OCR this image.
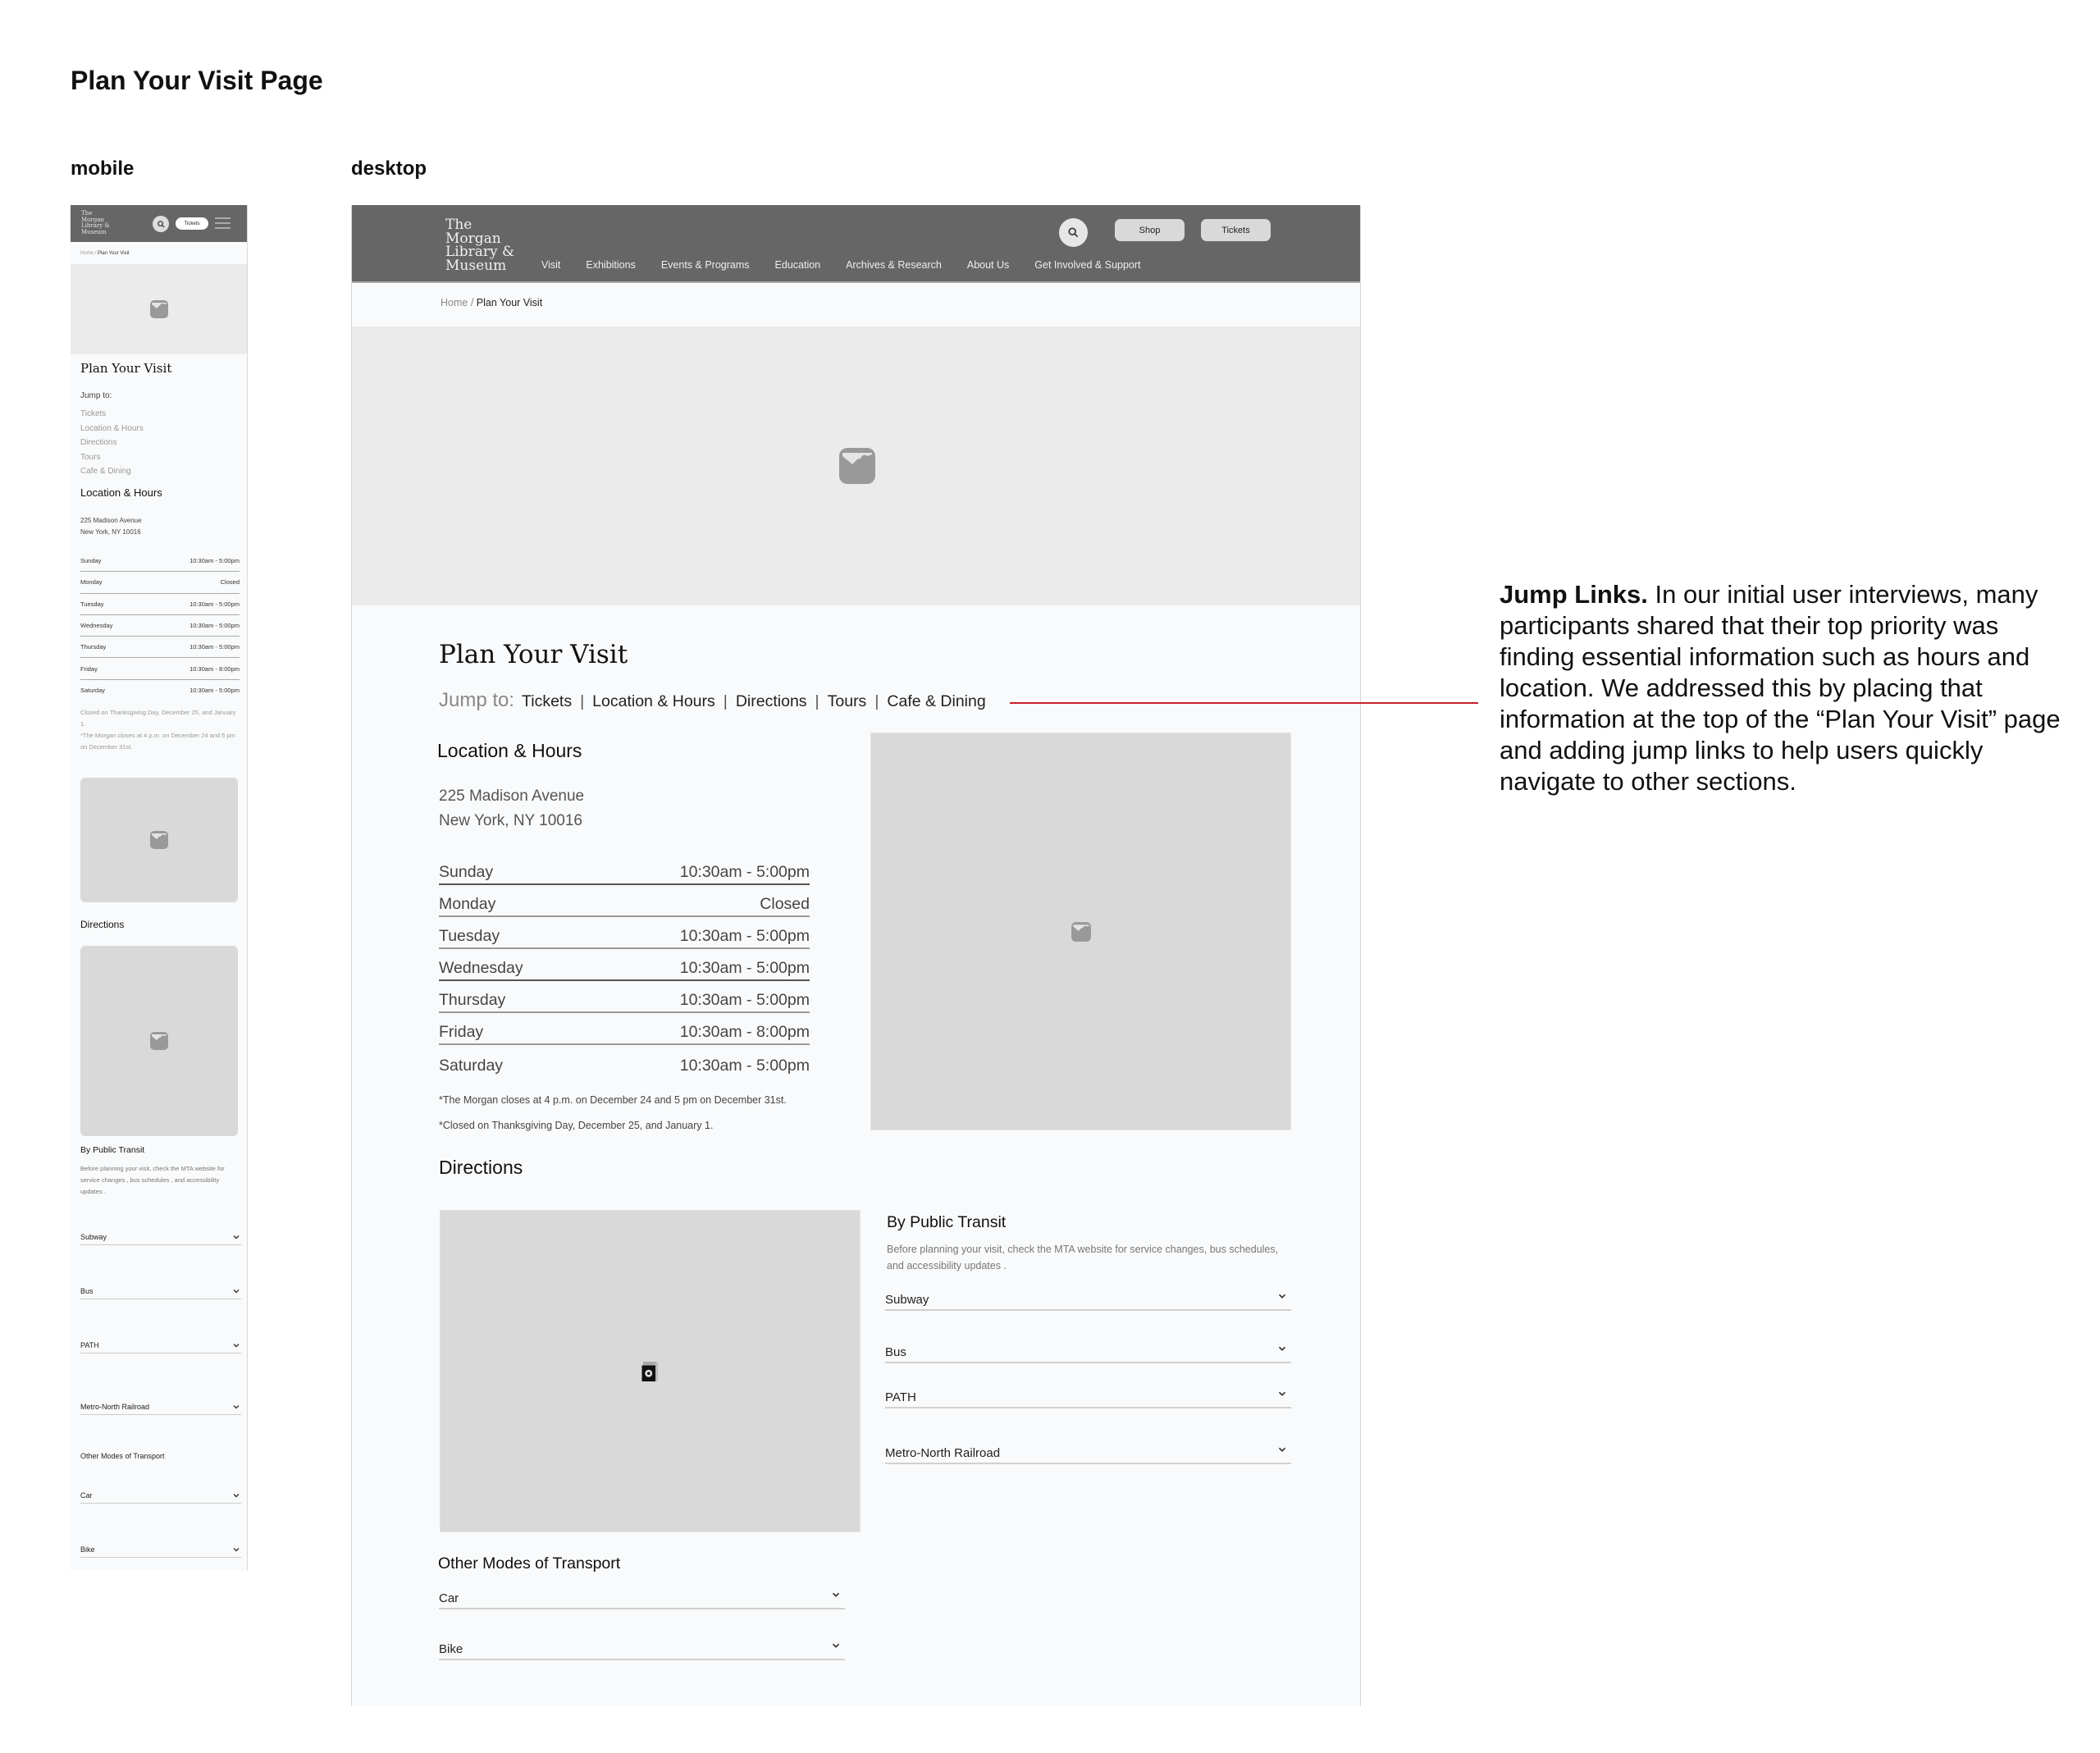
Plan Your Visit Page
mobile	desktop
The
Morgan
Library &
Museum
Tickets
Home / Plan Your Visit
Plan Your Visit
Jump to:
Tickets
Location & Hours
Directions
Tours
Cafe & Dining
Location & Hours
225 Madison Avenue
New York, NY 10016
Sunday	10:30am - 5:00pm
Monday	Closed
Tuesday	10:30am - 5:00pm
Wednesday	10:30am - 5:00pm
Thursday	10:30am - 5:00pm
Friday	10:30am - 8:00pm
Saturday	10:30am - 5:00pm
Closed on Thanksgiving Day, December 25, and January 1.
*The Morgan closes at 4 p.m. on December 24 and 5 pm on December 31st.
Directions
By Public Transit
Before planning your visit, check the MTA website for service changes , bus schedules , and accessibility updates .
Subway
Bus
PATH
Metro-North Railroad
Other Modes of Transport
Car
Bike
The
Morgan
Library &
Museum	Visit Exhibitions Events & Programs Education Archives & Research About Us Get Involved & Support
Shop	Tickets
Home / Plan Your Visit
Plan Your Visit
Jump to: Tickets | Location & Hours | Directions | Tours | Cafe & Dining
Location & Hours
225 Madison Avenue
New York, NY 10016
Sunday	10:30am - 5:00pm
Monday	Closed
Tuesday	10:30am - 5:00pm
Wednesday	10:30am - 5:00pm
Thursday	10:30am - 5:00pm
Friday	10:30am - 8:00pm
Saturday	10:30am - 5:00pm
*The Morgan closes at 4 p.m. on December 24 and 5 pm on December 31st.
*Closed on Thanksgiving Day, December 25, and January 1.
Directions
By Public Transit
Before planning your visit, check the MTA website for service changes, bus schedules, and accessibility updates .
Subway
Bus
PATH
Metro-North Railroad
Other Modes of Transport
Car
Bike
Jump Links. In our initial user interviews, many participants shared that their top priority was finding essential information such as hours and location. We addressed this by placing that information at the top of the “Plan Your Visit” page and adding jump links to help users quickly navigate to other sections.
